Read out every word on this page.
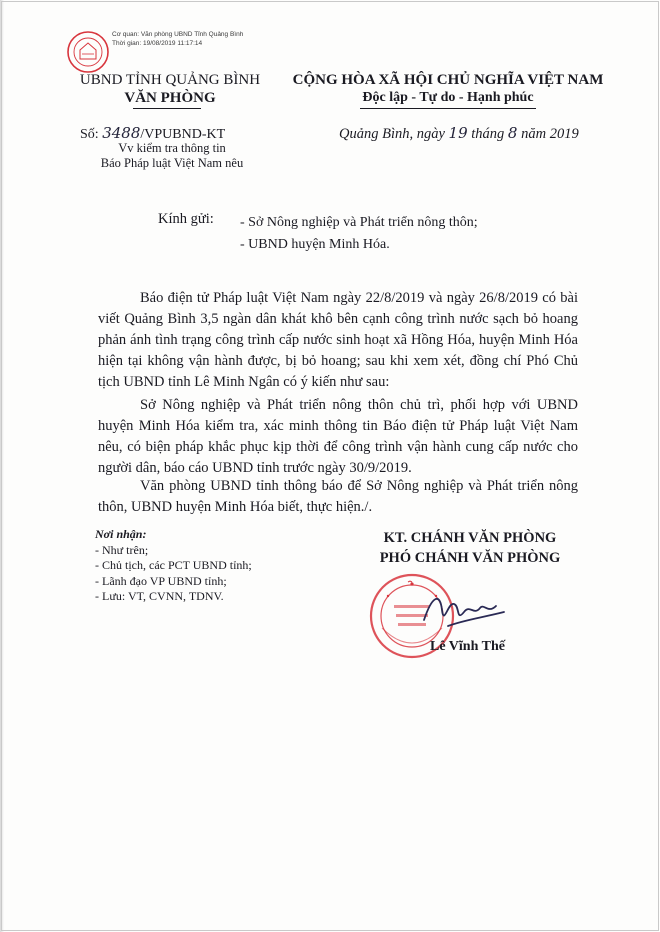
Cơ quan: Văn phòng UBND Tỉnh Quảng Bình
Thời gian: 19/08/2019 11:17:14
UBND TỈNH QUẢNG BÌNH
VĂN PHÒNG
CỘNG HÒA XÃ HỘI CHỦ NGHĨA VIỆT NAM
Độc lập - Tự do - Hạnh phúc
Số: 3488/VPUBND-KT
Vv kiểm tra thông tin
Báo Pháp luật Việt Nam nêu
Quảng Bình, ngày 19 tháng 8 năm 2019
Kính gửi: - Sở Nông nghiệp và Phát triển nông thôn;
- UBND huyện Minh Hóa.

Báo điện tử Pháp luật Việt Nam ngày 22/8/2019 và ngày 26/8/2019 có bài viết Quảng Bình 3,5 ngàn dân khát khô bên cạnh công trình nước sạch bỏ hoang phản ánh tình trạng công trình cấp nước sinh hoạt xã Hồng Hóa, huyện Minh Hóa hiện tại không vận hành được, bị bỏ hoang; sau khi xem xét, đồng chí Phó Chủ tịch UBND tỉnh Lê Minh Ngân có ý kiến như sau:

Sở Nông nghiệp và Phát triển nông thôn chủ trì, phối hợp với UBND huyện Minh Hóa kiểm tra, xác minh thông tin Báo điện tử Pháp luật Việt Nam nêu, có biện pháp khắc phục kịp thời để công trình vận hành cung cấp nước cho người dân, báo cáo UBND tỉnh trước ngày 30/9/2019.

Văn phòng UBND tỉnh thông báo để Sở Nông nghiệp và Phát triển nông thôn, UBND huyện Minh Hóa biết, thực hiện./.

Nơi nhận:
- Như trên;
- Chủ tịch, các PCT UBND tỉnh;
- Lãnh đạo VP UBND tỉnh;
- Lưu: VT, CVNN, TDNV.
KT. CHÁNH VĂN PHÒNG
PHÓ CHÁNH VĂN PHÒNG
Lê Vĩnh Thế
